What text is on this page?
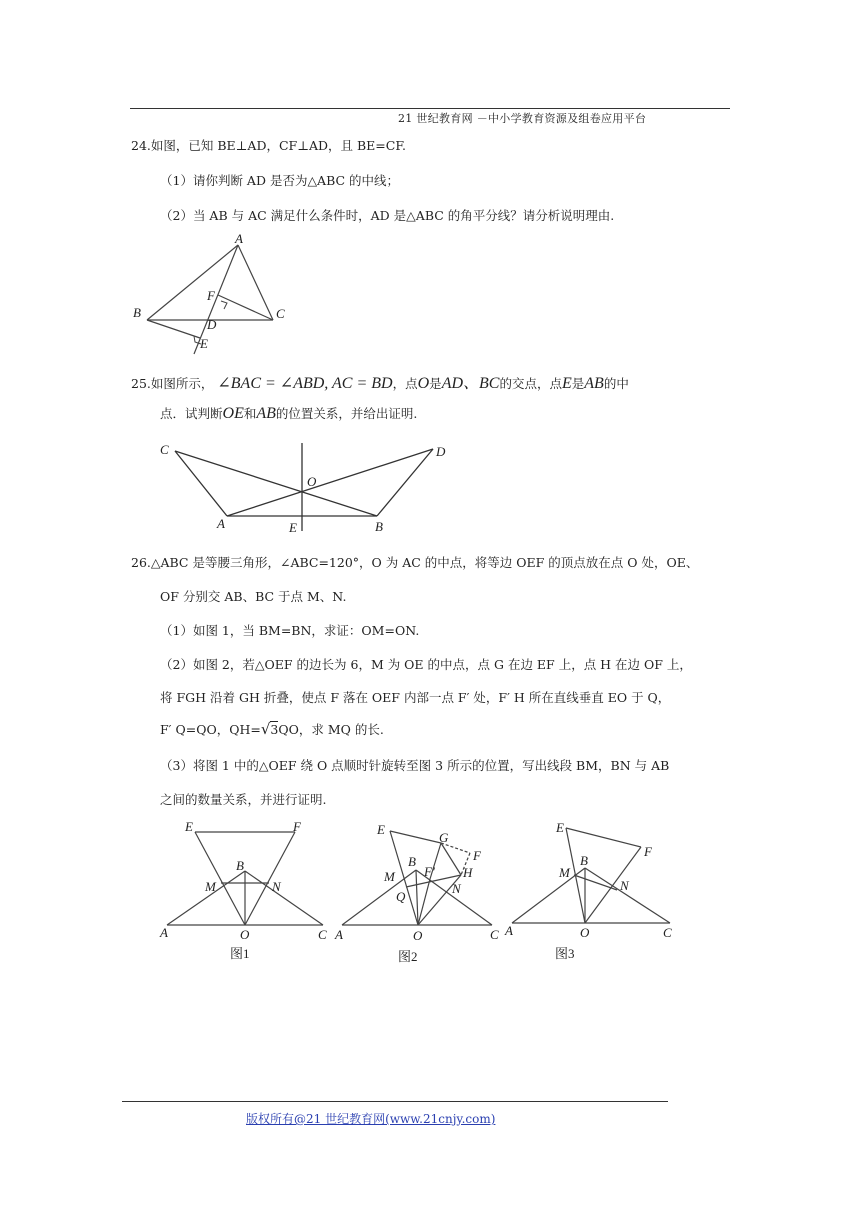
21 世纪教育网 －中小学教育资源及组卷应用平台
24.如图，已知 BE⊥AD，CF⊥AD，且 BE=CF.
（1）请你判断 AD 是否为△ABC 的中线；
（2）当 AB 与 AC 满足什么条件时，AD 是△ABC 的角平分线？请分析说明理由.
A
B	C
D
E
F
25.如图所示， ∠BAC = ∠ABD, AC = BD，点O是AD、BC的交点，点E是AB的中
点．试判断OE和AB的位置关系，并给出证明.
C	D
O
A	E	B
26.△ABC 是等腰三角形，∠ABC=120°，O 为 AC 的中点，将等边 OEF 的顶点放在点 O 处，OE、
OF 分别交 AB、BC 于点 M、N.
（1）如图 1，当 BM=BN，求证：OM=ON.
（2）如图 2，若△OEF 的边长为 6，M 为 OE 的中点，点 G 在边 EF 上，点 H 在边 OF 上，
将 FGH 沿着 GH 折叠，使点 F 落在 OEF 内部一点 F′ 处，F′ H 所在直线垂直 EO 于 Q，
F′ Q=QO，QH=√3QO，求 MQ 的长.
（3）将图 1 中的△OEF 绕 O 点顺时针旋转至图 3 所示的位置，写出线段 BM，BN 与 AB
之间的数量关系，并进行证明.
E	F
B
M	N
A	O	C
图1
E
G
F
H
B
F'
M
Q
N
A	O	C
图2
E
F
B
M
N
A	O	C
图3
版权所有@21 世纪教育网(www.21cnjy.com)
